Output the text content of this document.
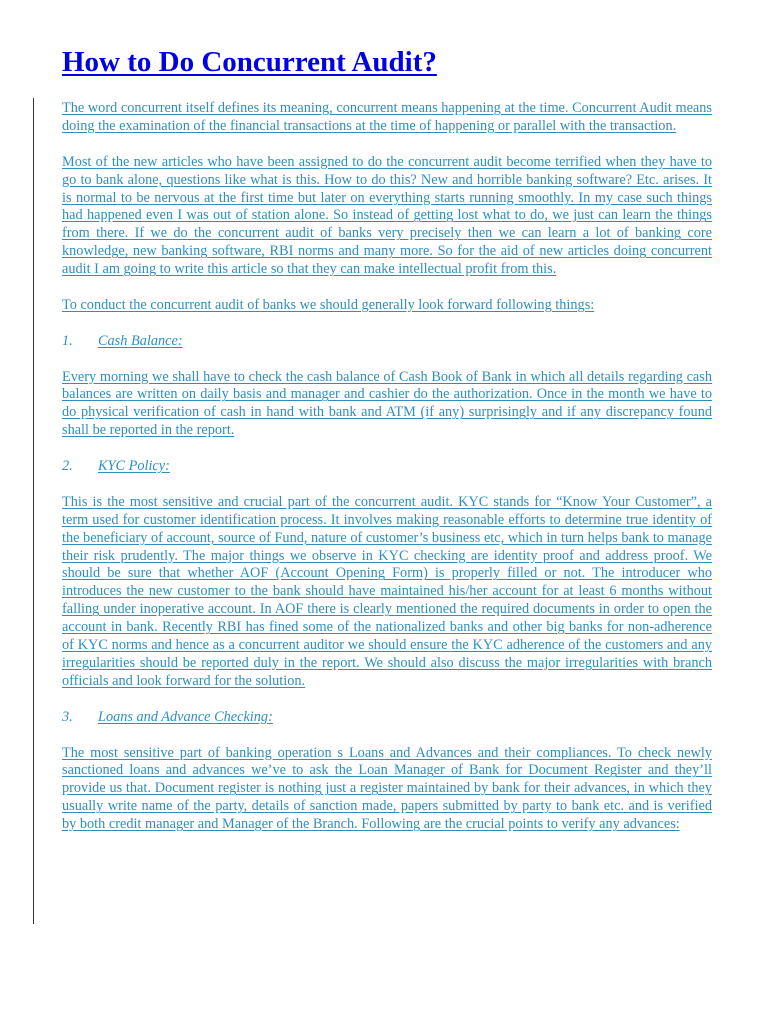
How to Do Concurrent Audit?

The word concurrent itself defines its meaning, concurrent means happening at the time. Concurrent Audit means doing the examination of the financial transactions at the time of happening or parallel with the transaction.

Most of the new articles who have been assigned to do the concurrent audit become terrified when they have to go to bank alone, questions like what is this. How to do this? New and horrible banking software? Etc. arises. It is normal to be nervous at the first time but later on everything starts running smoothly. In my case such things had happened even I was out of station alone. So instead of getting lost what to do, we just can learn the things from there. If we do the concurrent audit of banks very precisely then we can learn a lot of banking core knowledge, new banking software, RBI norms and many more. So for the aid of new articles doing concurrent audit I am going to write this article so that they can make intellectual profit from this.

To conduct the concurrent audit of banks we should generally look forward following things:

1. Cash Balance:

Every morning we shall have to check the cash balance of Cash Book of Bank in which all details regarding cash balances are written on daily basis and manager and cashier do the authorization. Once in the month we have to do physical verification of cash in hand with bank and ATM (if any) surprisingly and if any discrepancy found shall be reported in the report.

2. KYC Policy:

This is the most sensitive and crucial part of the concurrent audit. KYC stands for “Know Your Customer”, a term used for customer identification process. It involves making reasonable efforts to determine true identity of the beneficiary of account, source of Fund, nature of customer’s business etc, which in turn helps bank to manage their risk prudently. The major things we observe in KYC checking are identity proof and address proof. We should be sure that whether AOF (Account Opening Form) is properly filled or not. The introducer who introduces the new customer to the bank should have maintained his/her account for at least 6 months without falling under inoperative account. In AOF there is clearly mentioned the required documents in order to open the account in bank. Recently RBI has fined some of the nationalized banks and other big banks for non-adherence of KYC norms and hence as a concurrent auditor we should ensure the KYC adherence of the customers and any irregularities should be reported duly in the report. We should also discuss the major irregularities with branch officials and look forward for the solution.

3. Loans and Advance Checking:

The most sensitive part of banking operation s Loans and Advances and their compliances. To check newly sanctioned loans and advances we’ve to ask the Loan Manager of Bank for Document Register and they’ll provide us that. Document register is nothing just a register maintained by bank for their advances, in which they usually write name of the party, details of sanction made, papers submitted by party to bank etc. and is verified by both credit manager and Manager of the Branch. Following are the crucial points to verify any advances:
